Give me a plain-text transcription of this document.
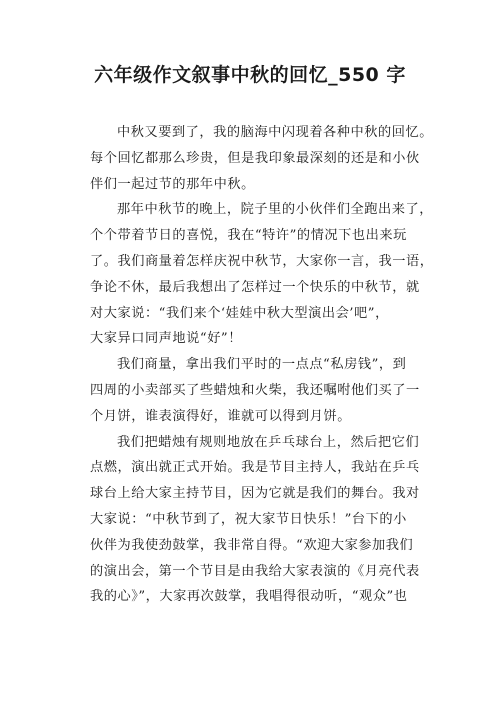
六年级作文叙事中秋的回忆_550 字
中秋又要到了，我的脑海中闪现着各种中秋的回忆。
每个回忆都那么珍贵，但是我印象最深刻的还是和小伙
伴们一起过节的那年中秋。
那年中秋节的晚上，院子里的小伙伴们全跑出来了，
个个带着节日的喜悦，我在“特许”的情况下也出来玩
了。我们商量着怎样庆祝中秋节，大家你一言，我一语，
争论不休，最后我想出了怎样过一个快乐的中秋节，就
对大家说：“我们来个‘娃娃中秋大型演出会’吧”，
大家异口同声地说“好”！
我们商量，拿出我们平时的一点点“私房钱”，到
四周的小卖部买了些蜡烛和火柴，我还嘱咐他们买了一
个月饼，谁表演得好，谁就可以得到月饼。
我们把蜡烛有规则地放在乒乓球台上，然后把它们
点燃，演出就正式开始。我是节目主持人，我站在乒乓
球台上给大家主持节目，因为它就是我们的舞台。我对
大家说：“中秋节到了，祝大家节日快乐！”台下的小
伙伴为我使劲鼓掌，我非常自得。“欢迎大家参加我们
的演出会，第一个节目是由我给大家表演的《月亮代表
我的心》”，大家再次鼓掌，我唱得很动听，“观众”也
